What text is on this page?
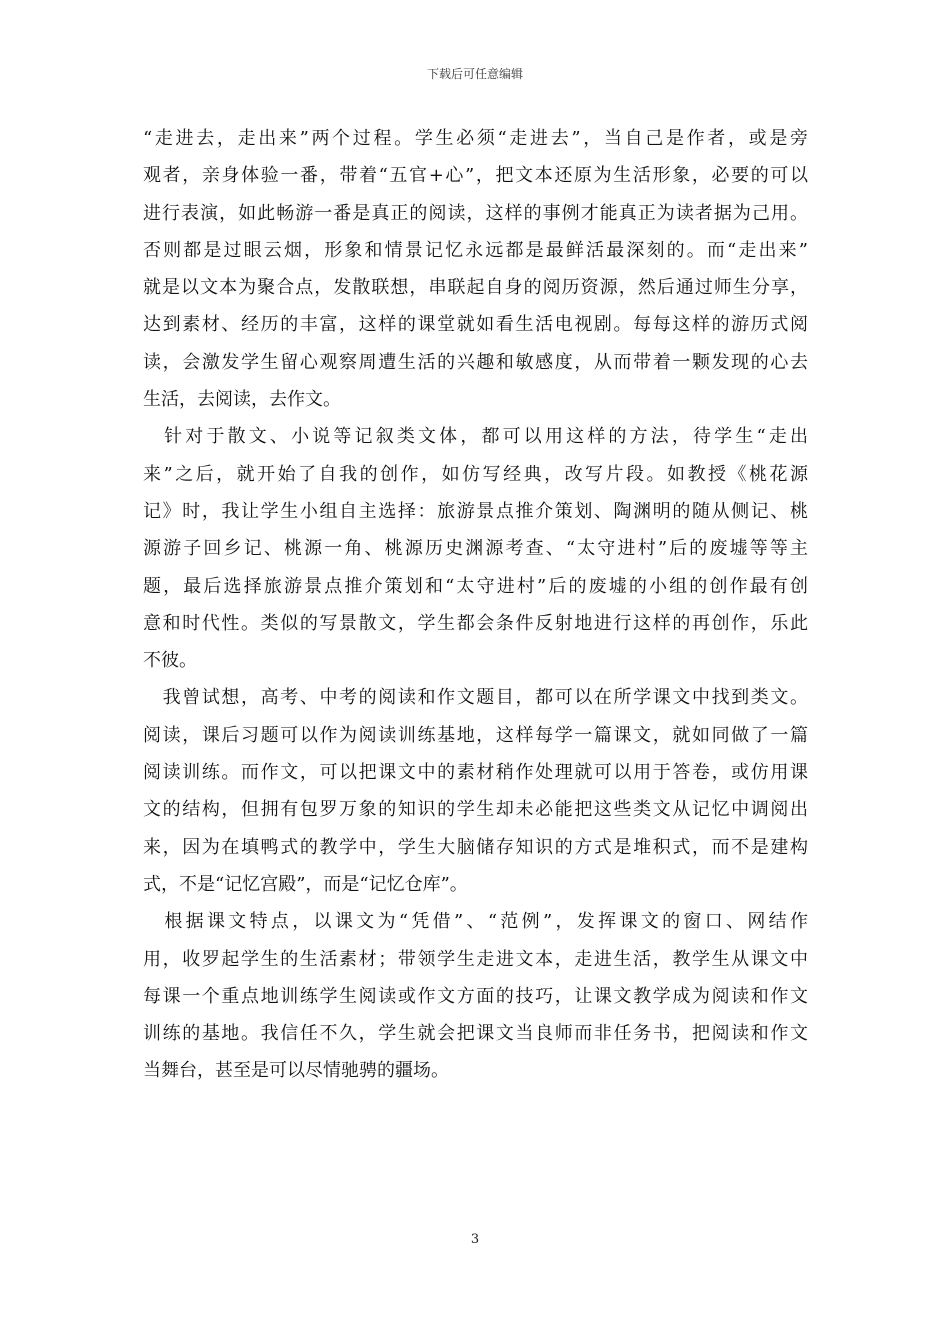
下载后可任意编辑
“走进去，走出来”两个过程。学生必须“走进去”，当自己是作者，或是旁
观者，亲身体验一番，带着“五官+心”，把文本还原为生活形象，必要的可以
进行表演，如此畅游一番是真正的阅读，这样的事例才能真正为读者据为己用。
否则都是过眼云烟，形象和情景记忆永远都是最鲜活最深刻的。而“走出来”
就是以文本为聚合点，发散联想，串联起自身的阅历资源，然后通过师生分享，
达到素材、经历的丰富，这样的课堂就如看生活电视剧。每每这样的游历式阅
读，会激发学生留心观察周遭生活的兴趣和敏感度，从而带着一颗发现的心去
生活，去阅读，去作文。
　针对于散文、小说等记叙类文体，都可以用这样的方法，待学生“走出
来”之后，就开始了自我的创作，如仿写经典，改写片段。如教授《桃花源
记》时，我让学生小组自主选择：旅游景点推介策划、陶渊明的随从侧记、桃
源游子回乡记、桃源一角、桃源历史渊源考查、“太守进村”后的废墟等等主
题，最后选择旅游景点推介策划和“太守进村”后的废墟的小组的创作最有创
意和时代性。类似的写景散文，学生都会条件反射地进行这样的再创作，乐此
不彼。
　我曾试想，高考、中考的阅读和作文题目，都可以在所学课文中找到类文。
阅读，课后习题可以作为阅读训练基地，这样每学一篇课文，就如同做了一篇
阅读训练。而作文，可以把课文中的素材稍作处理就可以用于答卷，或仿用课
文的结构，但拥有包罗万象的知识的学生却未必能把这些类文从记忆中调阅出
来，因为在填鸭式的教学中，学生大脑储存知识的方式是堆积式，而不是建构
式，不是“记忆宫殿”，而是“记忆仓库”。
　根据课文特点，以课文为“凭借”、“范例”，发挥课文的窗口、网结作
用，收罗起学生的生活素材；带领学生走进文本，走进生活，教学生从课文中
每课一个重点地训练学生阅读或作文方面的技巧，让课文教学成为阅读和作文
训练的基地。我信任不久，学生就会把课文当良师而非任务书，把阅读和作文
当舞台，甚至是可以尽情驰骋的疆场。
3
